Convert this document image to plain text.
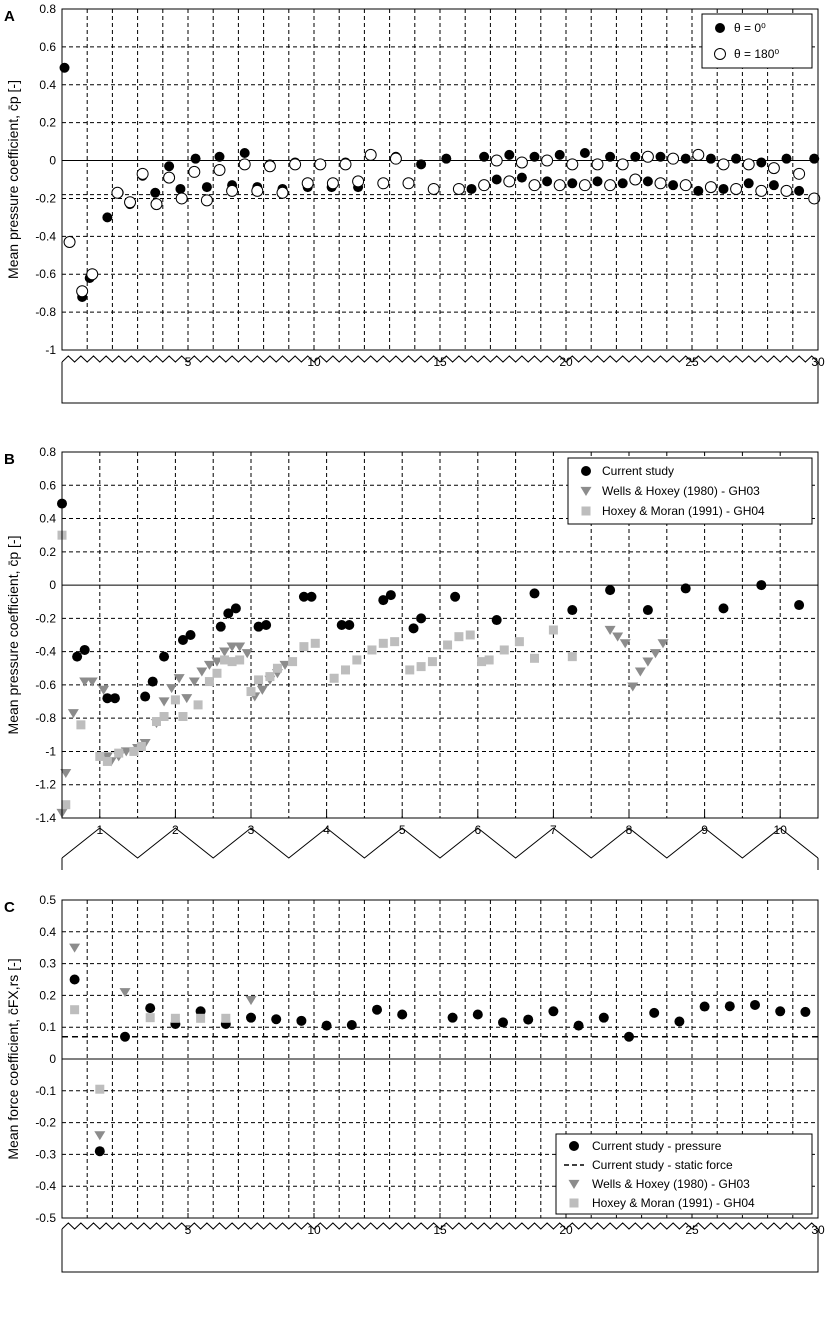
0.8
0.6
0.4
0.2
0
-0.2
-0.4
-0.6
-0.8
-1
5	10	15	20	25	30
A
Mean pressure coefficient, c̄p [-]
θ = 0⁰
θ = 180⁰
0.8
0.6
0.4
0.2
0
-0.2
-0.4
-0.6
-0.8
-1
-1.2
-1.4
1	2	3	4	5	6	7	8	9	10
B
Mean pressure coefficient, c̄p [-]
Current study
Wells & Hoxey (1980) - GH03
Hoxey & Moran (1991) - GH04
0.5
0.4
0.3
0.2
0.1
0
-0.1
-0.2
-0.3
-0.4
-0.5
5	10	15	20	25	30
C
Mean force coefficient, c̄FX,rs [-]	Current study - pressure
Current study - static force
Wells & Hoxey (1980) - GH03
Hoxey & Moran (1991) - GH04
